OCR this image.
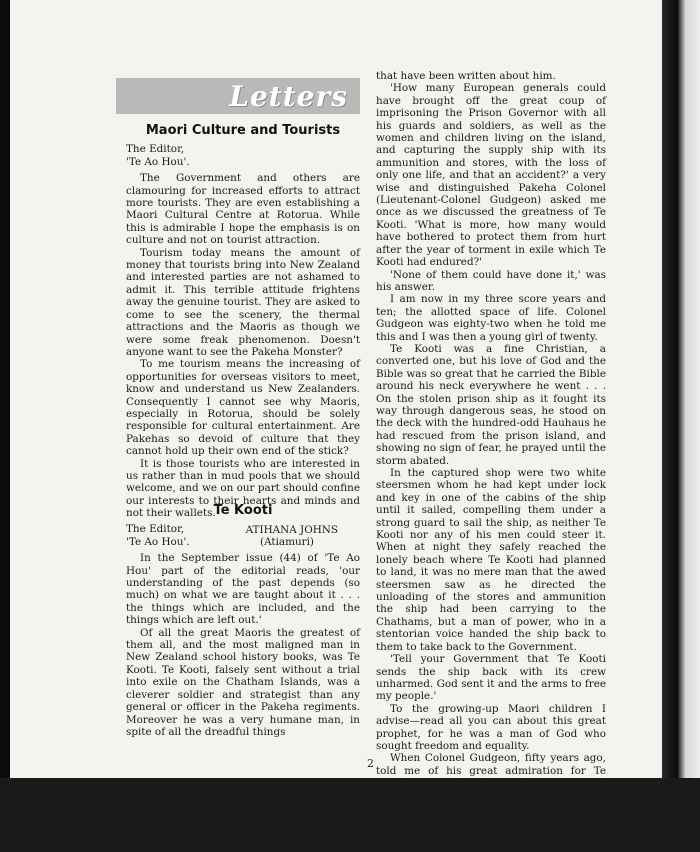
Letters
Maori Culture and Tourists

The Editor,

'Te Ao Hou'.

The Government and others are clamouring for increased efforts to attract more tourists. They are even establishing a Maori Cultural Centre at Rotorua. While this is admirable I hope the emphasis is on culture and not on tourist attraction.

Tourism today means the amount of money that tourists bring into New Zealand and interested parties are not ashamed to admit it. This terrible attitude frightens away the genuine tourist. They are asked to come to see the scenery, the thermal attractions and the Maoris as though we were some freak phenomenon. Doesn't anyone want to see the Pakeha Monster?

To me tourism means the increasing of opportunities for overseas visitors to meet, know and understand us New Zealanders. Consequently I cannot see why Maoris, especially in Rotorua, should be solely responsible for cultural entertainment. Are Pakehas so devoid of culture that they cannot hold up their own end of the stick?

It is those tourists who are interested in us rather than in mud pools that we should welcome, and we on our part should confine our interests to their hearts and minds and not their wallets.

ATIHANA JOHNS

(Atiamuri)

Te Kooti

The Editor,

'Te Ao Hou'.

In the September issue (44) of 'Te Ao Hou' part of the editorial reads, 'our understanding of the past depends (so much) on what we are taught about it . . . the things which are included, and the things which are left out.'

Of all the great Maoris the greatest of them all, and the most maligned man in New Zealand school history books, was Te Kooti. Te Kooti, falsely sent without a trial into exile on the Chatham Islands, was a cleverer soldier and strategist than any general or officer in the Pakeha regiments. Moreover he was a very humane man, in spite of all the dreadful things

that have been written about him.

'How many European generals could have brought off the great coup of imprisoning the Prison Governor with all his guards and soldiers, as well as the women and children living on the island, and capturing the supply ship with its ammunition and stores, with the loss of only one life, and that an accident?' a very wise and distinguished Pakeha Colonel (Lieutenant-Colonel Gudgeon) asked me once as we discussed the greatness of Te Kooti. 'What is more, how many would have bothered to protect them from hurt after the year of torment in exile which Te Kooti had endured?'

'None of them could have done it,' was his answer.

I am now in my three score years and ten; the allotted space of life. Colonel Gudgeon was eighty-two when he told me this and I was then a young girl of twenty.

Te Kooti was a fine Christian, a converted one, but his love of God and the Bible was so great that he carried the Bible around his neck everywhere he went . . . On the stolen prison ship as it fought its way through dangerous seas, he stood on the deck with the hundred-odd Hauhaus he had rescued from the prison island, and showing no sign of fear, he prayed until the storm abated.

In the captured shop were two white steersmen whom he had kept under lock and key in one of the cabins of the ship until it sailed, compelling them under a strong guard to sail the ship, as neither Te Kooti nor any of his men could steer it. When at night they safely reached the lonely beach where Te Kooti had planned to land, it was no mere man that the awed steersmen saw as he directed the unloading of the stores and ammunition the ship had been carrying to the Chathams, but a man of power, who in a stentorian voice handed the ship back to them to take back to the Government.

'Tell your Government that Te Kooti sends the ship back with its crew unharmed. God sent it and the arms to free my people.'

To the growing-up Maori children I advise—read all you can about this great prophet, for he was a man of God who sought freedom and equality.

When Colonel Gudgeon, fifty years ago, told me of his great admiration for Te Kooti, he told me also the following story about another Maori leader.

'I have fought many campaigns in the Waikato and other parts,' Colonel Gudgeon said, 'and at one time I was in the dreadful pre-

2
